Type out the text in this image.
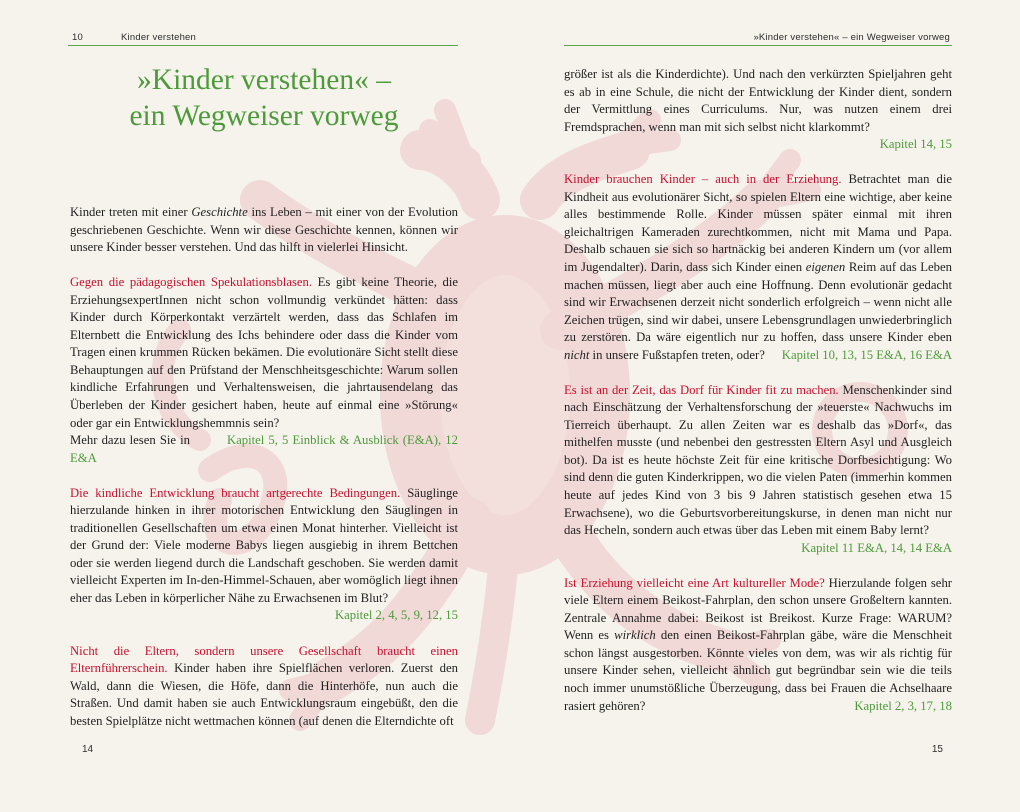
10	Kinder verstehen
»Kinder verstehen« –
ein Wegweiser vorweg

Kinder treten mit einer Geschichte ins Leben – mit einer von der Evolution geschriebenen Geschichte. Wenn wir diese Geschichte kennen, können wir unsere Kinder besser verstehen. Und das hilft in vielerlei Hinsicht.

Gegen die pädagogischen Spekulationsblasen. Es gibt keine Theorie, die ErziehungsexpertInnen nicht schon vollmundig verkündet hätten: dass Kinder durch Körperkontakt verzärtelt werden, dass das Schlafen im Elternbett die Entwicklung des Ichs behindere oder dass die Kinder vom Tragen einen krummen Rücken bekämen. Die evolutionäre Sicht stellt diese Behauptungen auf den Prüfstand der Menschheitsgeschichte: Warum sollen kindliche Erfahrungen und Verhaltensweisen, die jahrtausendelang das Überleben der Kinder gesichert haben, heute auf einmal eine »Störung« oder gar ein Entwicklungshemmnis sein?
Mehr dazu lesen Sie in	Kapitel 5, 5 Einblick & Ausblick (E&A), 12 E&A

Die kindliche Entwicklung braucht artgerechte Bedingungen. Säuglinge hierzulande hinken in ihrer motorischen Entwicklung den Säuglingen in traditionellen Gesellschaften um etwa einen Monat hinterher. Vielleicht ist der Grund der: Viele moderne Babys liegen ausgiebig in ihrem Bettchen oder sie werden liegend durch die Landschaft geschoben. Sie werden damit vielleicht Experten im In-den-Himmel-Schauen, aber womöglich liegt ihnen eher das Leben in körperlicher Nähe zu Erwachsenen im Blut?
Kapitel 2, 4, 5, 9, 12, 15

Nicht die Eltern, sondern unsere Gesellschaft braucht einen Elternführerschein. Kinder haben ihre Spielflächen verloren. Zuerst den Wald, dann die Wiesen, die Höfe, dann die Hinterhöfe, nun auch die Straßen. Und damit haben sie auch Entwicklungsraum eingebüßt, den die besten Spielplätze nicht wettmachen können (auf denen die Elterndichte oft

14
»Kinder verstehen« – ein Wegweiser vorweg

größer ist als die Kinderdichte). Und nach den verkürzten Spieljahren geht es ab in eine Schule, die nicht der Entwicklung der Kinder dient, sondern der Vermittlung eines Curriculums. Nur, was nutzen einem drei Fremdsprachen, wenn man mit sich selbst nicht klarkommt?
Kapitel 14, 15

Kinder brauchen Kinder – auch in der Erziehung. Betrachtet man die Kindheit aus evolutionärer Sicht, so spielen Eltern eine wichtige, aber keine alles bestimmende Rolle. Kinder müssen später einmal mit ihren gleichaltrigen Kameraden zurechtkommen, nicht mit Mama und Papa. Deshalb schauen sie sich so hartnäckig bei anderen Kindern um (vor allem im Jugendalter). Darin, dass sich Kinder einen eigenen Reim auf das Leben machen müssen, liegt aber auch eine Hoffnung. Denn evolutionär gedacht sind wir Erwachsenen derzeit nicht sonderlich erfolgreich – wenn nicht alle Zeichen trügen, sind wir dabei, unsere Lebensgrundlagen unwiederbringlich zu zerstören. Da wäre eigentlich nur zu hoffen, dass unsere Kinder eben nicht in unsere Fußstapfen treten, oder? Kapitel 10, 13, 15 E&A, 16 E&A

Es ist an der Zeit, das Dorf für Kinder fit zu machen. Menschenkinder sind nach Einschätzung der Verhaltensforschung der »teuerste« Nachwuchs im Tierreich überhaupt. Zu allen Zeiten war es deshalb das »Dorf«, das mithelfen musste (und nebenbei den gestressten Eltern Asyl und Ausgleich bot). Da ist es heute höchste Zeit für eine kritische Dorfbesichtigung: Wo sind denn die guten Kinderkrippen, wo die vielen Paten (immerhin kommen heute auf jedes Kind von 3 bis 9 Jahren statistisch gesehen etwa 15 Erwachsene), wo die Geburtsvorbereitungskurse, in denen man nicht nur das Hecheln, sondern auch etwas über das Leben mit einem Baby lernt?
Kapitel 11 E&A, 14, 14 E&A

Ist Erziehung vielleicht eine Art kultureller Mode? Hierzulande folgen sehr viele Eltern einem Beikost-Fahrplan, den schon unsere Großeltern kannten. Zentrale Annahme dabei: Beikost ist Breikost. Kurze Frage: WARUM? Wenn es wirklich den einen Beikost-Fahrplan gäbe, wäre die Menschheit schon längst ausgestorben. Könnte vieles von dem, was wir als richtig für unsere Kinder sehen, vielleicht ähnlich gut begründbar sein wie die teils noch immer unumstößliche Überzeugung, dass bei Frauen die Achselhaare rasiert gehören?	Kapitel 2, 3, 17, 18

15
